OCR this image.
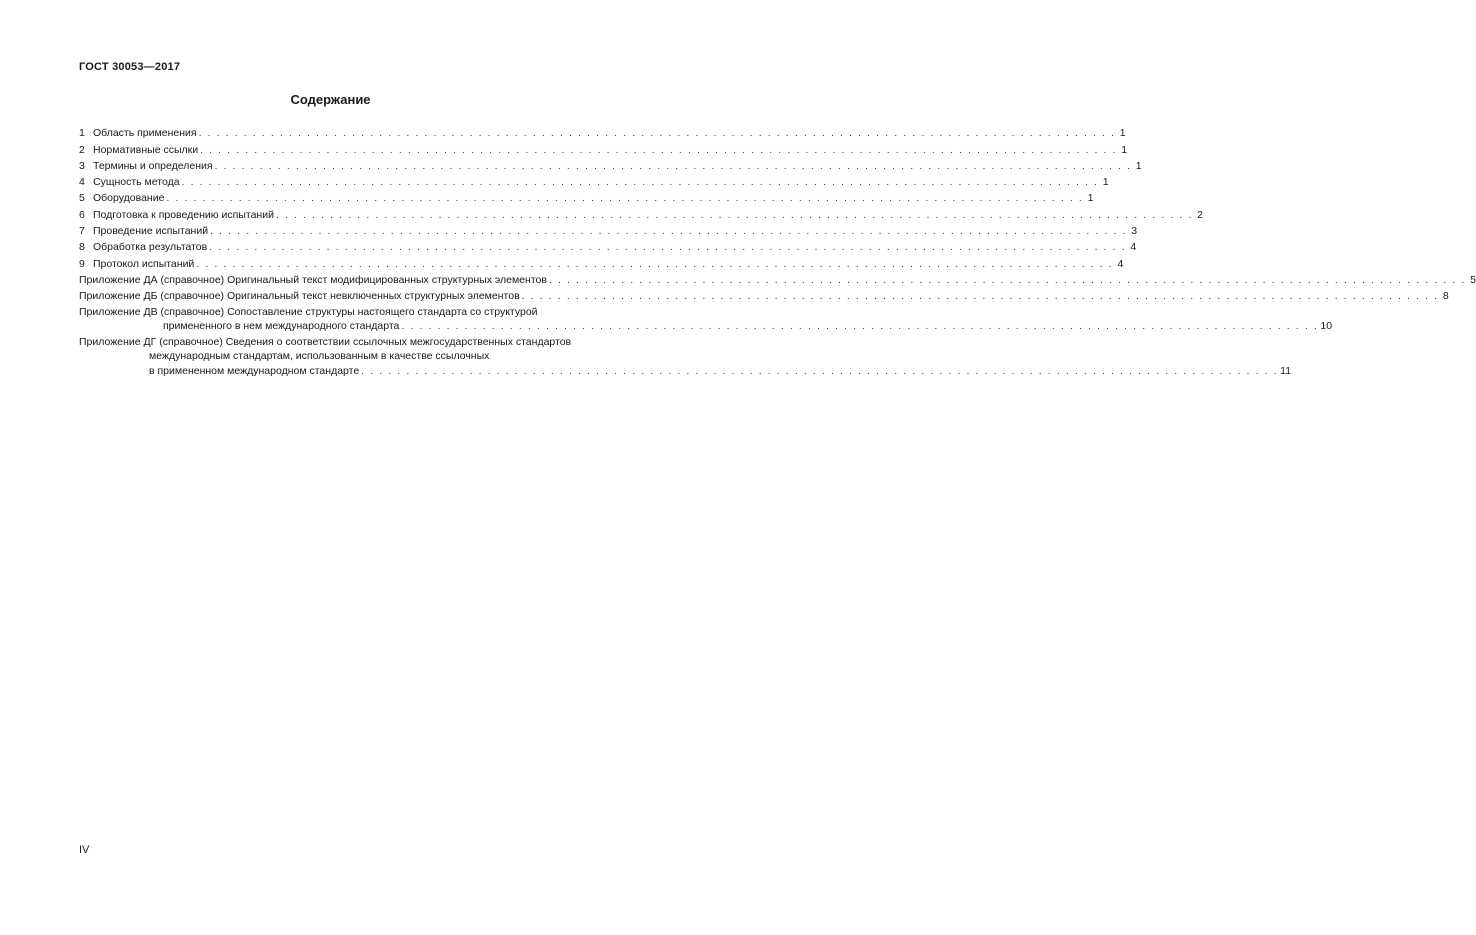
ГОСТ 30053—2017
Содержание
1 Область применения . . . . . . . . . . . . . . . . . . . . . . . . . . . . . . . . . . . . . . . . . . . . . . . . . . . . . . . . . . . . . . . . . . . . . . . . . . . . . . . . . . . . . . . . . . . . . . . . . . . . . . 1
2 Нормативные ссылки . . . . . . . . . . . . . . . . . . . . . . . . . . . . . . . . . . . . . . . . . . . . . . . . . . . . . . . . . . . . . . . . . . . . . . . . . . . . . . . . . . . . . . . . . . . . . . . . . . . . . . 1
3 Термины и определения . . . . . . . . . . . . . . . . . . . . . . . . . . . . . . . . . . . . . . . . . . . . . . . . . . . . . . . . . . . . . . . . . . . . . . . . . . . . . . . . . . . . . . . . . . . . . . . . . . . . . . 1
4 Сущность метода . . . . . . . . . . . . . . . . . . . . . . . . . . . . . . . . . . . . . . . . . . . . . . . . . . . . . . . . . . . . . . . . . . . . . . . . . . . . . . . . . . . . . . . . . . . . . . . . . . . . . . 1
5 Оборудование . . . . . . . . . . . . . . . . . . . . . . . . . . . . . . . . . . . . . . . . . . . . . . . . . . . . . . . . . . . . . . . . . . . . . . . . . . . . . . . . . . . . . . . . . . . . . . . . . . . . . . 1
6 Подготовка к проведению испытаний . . . . . . . . . . . . . . . . . . . . . . . . . . . . . . . . . . . . . . . . . . . . . . . . . . . . . . . . . . . . . . . . . . . . . . . . . . . . . . . . . . . . . . . . . . . . . . . . . . . . . . 2
7 Проведение испытаний . . . . . . . . . . . . . . . . . . . . . . . . . . . . . . . . . . . . . . . . . . . . . . . . . . . . . . . . . . . . . . . . . . . . . . . . . . . . . . . . . . . . . . . . . . . . . . . . . . . . . . 3
8 Обработка результатов . . . . . . . . . . . . . . . . . . . . . . . . . . . . . . . . . . . . . . . . . . . . . . . . . . . . . . . . . . . . . . . . . . . . . . . . . . . . . . . . . . . . . . . . . . . . . . . . . . . . . . 4
9 Протокол испытаний . . . . . . . . . . . . . . . . . . . . . . . . . . . . . . . . . . . . . . . . . . . . . . . . . . . . . . . . . . . . . . . . . . . . . . . . . . . . . . . . . . . . . . . . . . . . . . . . . . . . . . 4
Приложение ДА (справочное) Оригинальный текст модифицированных структурных элементов . . . . . . . . . . . . . . . . . . . . . . . . . . . . . . . . . . . . . . . . . . . . . . . . . . . . . . . . . . . . . . . . . . . . . . . . . . . . . . . . . . . . . . . . . . . . . . . . . . . . . . 5
Приложение ДБ (справочное) Оригинальный текст невключенных структурных элементов . . . . . . . . . . . . . . . . . . . . . . . . . . . . . . . . . . . . . . . . . . . . . . . . . . . . . . . . . . . . . . . . . . . . . . . . . . . . . . . . . . . . . . . . . . . . . . . . . . . . . . 8
Приложение ДВ (справочное) Сопоставление структуры настоящего стандарта со структурой
примененного в нем международного стандарта . . . . . . . . . . . . . . . . . . . . . . . . . . . . . . . . . . . . . . . . . . . . . . . . . . . . . . . . . . . . . . . . . . . . . . . . . . . . . . . . . . . . . . . . . . . . . . . . . . . . . . 10
Приложение ДГ (справочное) Сведения о соответствии ссылочных межгосударственных стандартов
международным стандартам, использованным в качестве ссылочных
в примененном международном стандарте . . . . . . . . . . . . . . . . . . . . . . . . . . . . . . . . . . . . . . . . . . . . . . . . . . . . . . . . . . . . . . . . . . . . . . . . . . . . . . . . . . . . . . . . . . . . . . . . . . . . . . 11
IV
